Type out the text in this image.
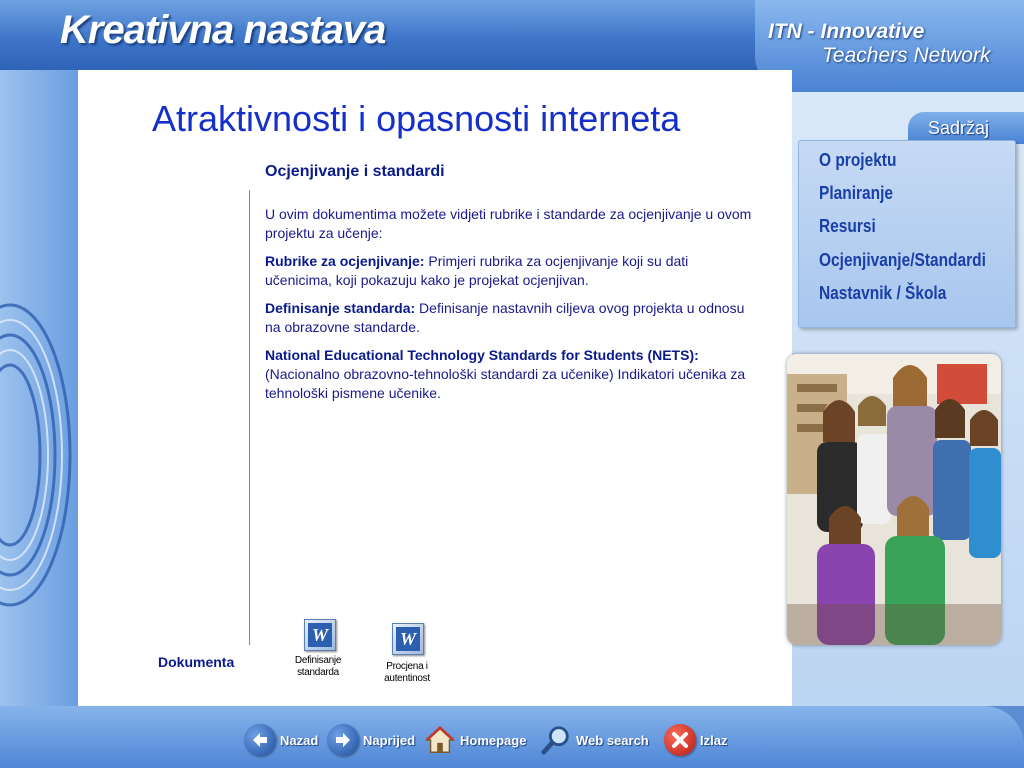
Kreativna nastava	ITN - Innovative
Teachers Network
Atraktivnosti i opasnosti interneta
Ocjenjivanje i standardi

U ovim dokumentima možete vidjeti rubrike i standarde za ocjenjivanje u ovom projektu za učenje:

Rubrike za ocjenjivanje: Primjeri rubrika za ocjenjivanje koji su dati učenicima, koji pokazuju kako je projekat ocjenjivan.

Definisanje standarda: Definisanje nastavnih ciljeva ovog projekta u odnosu na obrazovne standarde.

National Educational Technology Standards for Students (NETS): (Nacionalno obrazovno-tehnološki standardi za učenike) Indikatori učenika za tehnološki pismene učenike.

Dokumenta
W
Definisanje
standarda
W
Procjena i
autentinost
Sadržaj
O projektu
Planiranje
Resursi
Ocjenjivanje/Standardi
Nastavnik / Škola
Nazad	Naprijed	Homepage	Web search	Izlaz
